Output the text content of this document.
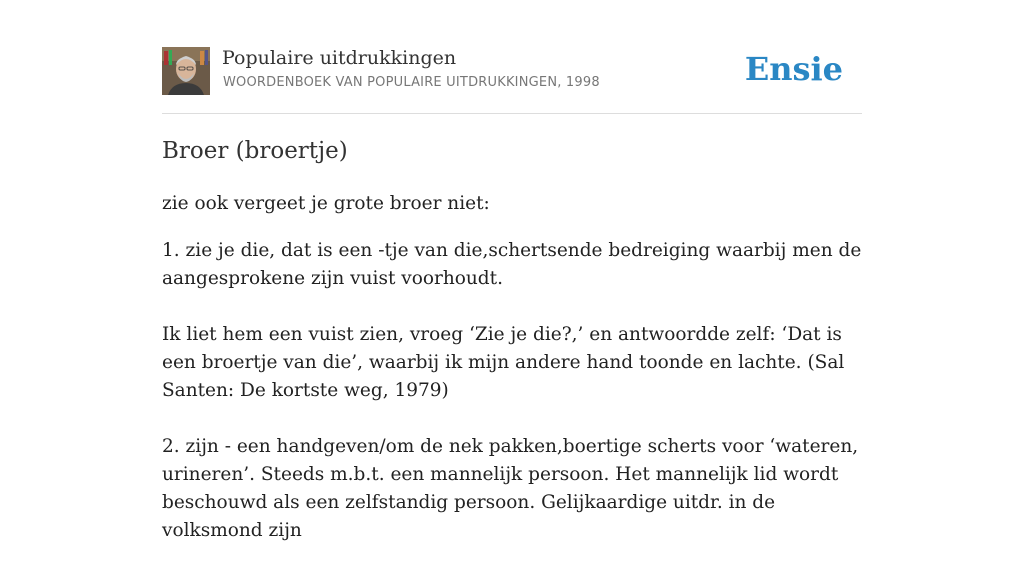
Populaire uitdrukkingen
WOORDENBOEK VAN POPULAIRE UITDRUKKINGEN, 1998	Ensie
Broer (broertje)

zie ook vergeet je grote broer niet:

1. zie je die, dat is een -tje van die,schertsende bedreiging waarbij men de aangesprokene zijn vuist voorhoudt.

Ik liet hem een vuist zien, vroeg ‘Zie je die?,’ en antwoordde zelf: ‘Dat is een broertje van die’, waarbij ik mijn andere hand toonde en lachte. (Sal Santen: De kortste weg, 1979)

2. zijn - een handgeven/om de nek pakken,boertige scherts voor ‘wateren, urineren’. Steeds m.b.t. een mannelijk persoon. Het mannelijk lid wordt beschouwd als een zelfstandig persoon. Gelijkaardige uitdr. in de volksmond zijn
